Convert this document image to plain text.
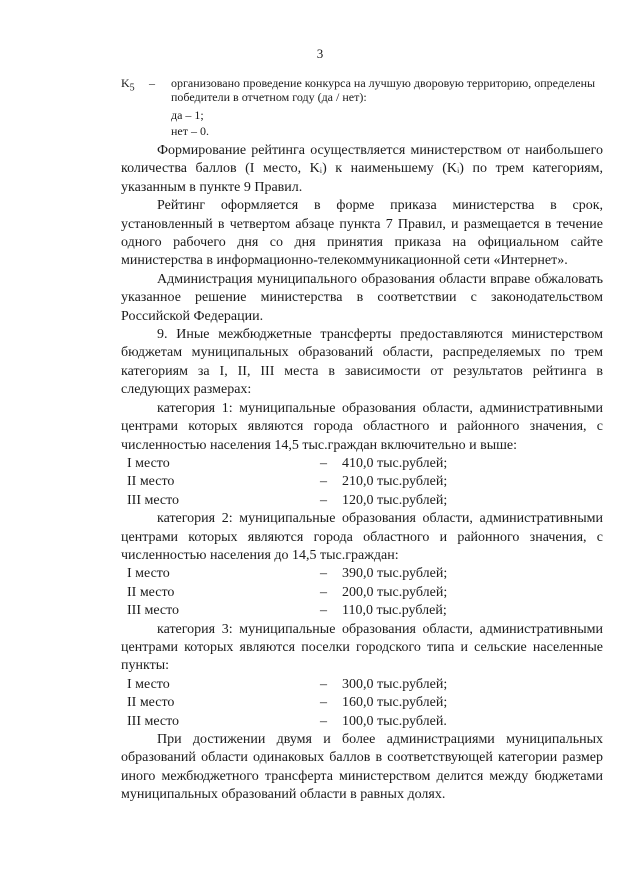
3
$K_5$	–	организовано проведение конкурса на лучшую дворовую территорию, определены победители в отчетном году (да / нет):
да – 1;
нет – 0.

Формирование рейтинга осуществляется министерством от наибольшего количества баллов (I место, Kᵢ) к наименьшему (Kᵢ) по трем категориям, указанным в пункте 9 Правил.

Рейтинг оформляется в форме приказа министерства в срок, установленный в четвертом абзаце пункта 7 Правил, и размещается в течение одного рабочего дня со дня принятия приказа на официальном сайте министерства в информационно-телекоммуникационной сети «Интернет».

Администрация муниципального образования области вправе обжаловать указанное решение министерства в соответствии с законодательством Российской Федерации.

9. Иные межбюджетные трансферты предоставляются министерством бюджетам муниципальных образований области, распределяемых по трем категориям за I, II, III места в зависимости от результатов рейтинга в следующих размерах:

категория 1: муниципальные образования области, административными центрами которых являются города областного и районного значения, с численностью населения 14,5 тыс.граждан включительно и выше:

I место	–	410,0 тыс.рублей;
II место	–	210,0 тыс.рублей;
III место	–	120,0 тыс.рублей;

категория 2: муниципальные образования области, административными центрами которых являются города областного и районного значения, с численностью населения до 14,5 тыс.граждан:

I место	–	390,0 тыс.рублей;
II место	–	200,0 тыс.рублей;
III место	–	110,0 тыс.рублей;

категория 3: муниципальные образования области, административными центрами которых являются поселки городского типа и сельские населенные пункты:

I место	–	300,0 тыс.рублей;
II место	–	160,0 тыс.рублей;
III место	–	100,0 тыс.рублей.

При достижении двумя и более администрациями муниципальных образований области одинаковых баллов в соответствующей категории размер иного межбюджетного трансферта министерством делится между бюджетами муниципальных образований области в равных долях.
